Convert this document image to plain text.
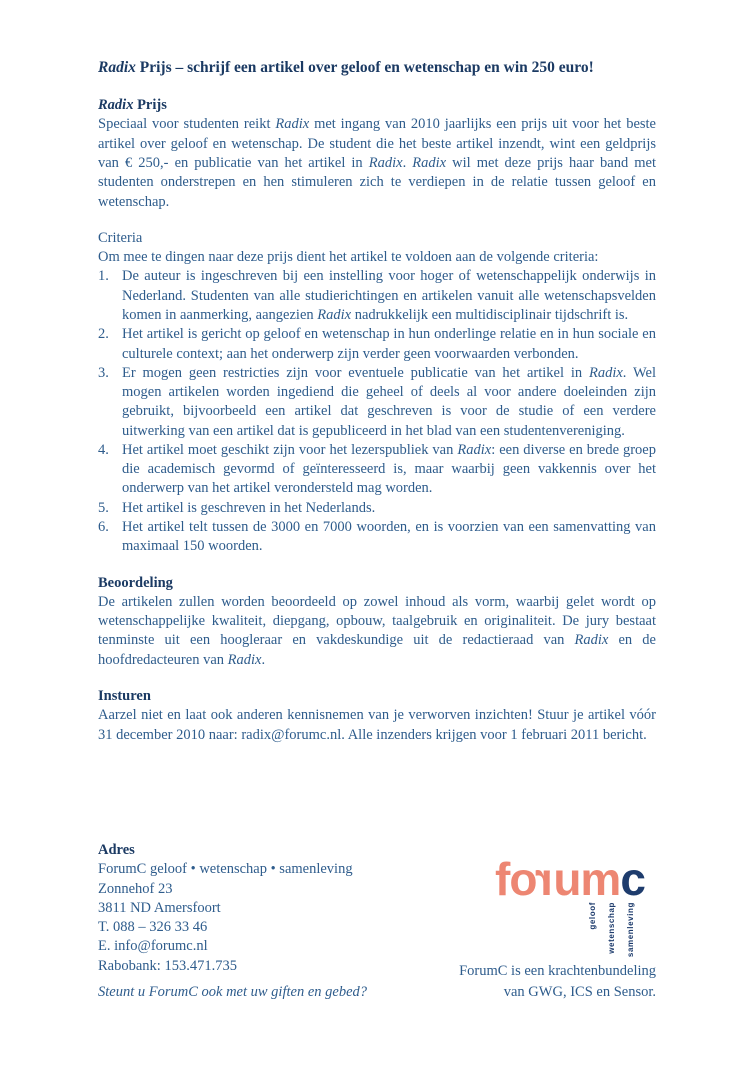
Radix Prijs – schrijf een artikel over geloof en wetenschap en win 250 euro!
Radix Prijs

Speciaal voor studenten reikt Radix met ingang van 2010 jaarlijks een prijs uit voor het beste artikel over geloof en wetenschap. De student die het beste artikel inzendt, wint een geldprijs van € 250,- en publicatie van het artikel in Radix. Radix wil met deze prijs haar band met studenten onderstrepen en hen stimuleren zich te verdiepen in de relatie tussen geloof en wetenschap.

Criteria

Om mee te dingen naar deze prijs dient het artikel te voldoen aan de volgende criteria:

1. De auteur is ingeschreven bij een instelling voor hoger of wetenschappelijk onderwijs in Nederland. Studenten van alle studierichtingen en artikelen vanuit alle wetenschapsvelden komen in aanmerking, aangezien Radix nadrukkelijk een multidisciplinair tijdschrift is.
2. Het artikel is gericht op geloof en wetenschap in hun onderlinge relatie en in hun sociale en culturele context; aan het onderwerp zijn verder geen voorwaarden verbonden.
3. Er mogen geen restricties zijn voor eventuele publicatie van het artikel in Radix. Wel mogen artikelen worden ingediend die geheel of deels al voor andere doeleinden zijn gebruikt, bijvoorbeeld een artikel dat geschreven is voor de studie of een verdere uitwerking van een artikel dat is gepubliceerd in het blad van een studentenvereniging.
4. Het artikel moet geschikt zijn voor het lezerspubliek van Radix: een diverse en brede groep die academisch gevormd of geïnteresseerd is, maar waarbij geen vakkennis over het onderwerp van het artikel verondersteld mag worden.
5. Het artikel is geschreven in het Nederlands.
6. Het artikel telt tussen de 3000 en 7000 woorden, en is voorzien van een samenvatting van maximaal 150 woorden.
Beoordeling

De artikelen zullen worden beoordeeld op zowel inhoud als vorm, waarbij gelet wordt op wetenschappelijke kwaliteit, diepgang, opbouw, taalgebruik en originaliteit. De jury bestaat tenminste uit een hoogleraar en vakdeskundige uit de redactieraad van Radix en de hoofdredacteuren van Radix.

Insturen

Aarzel niet en laat ook anderen kennisnemen van je verworven inzichten! Stuur je artikel vóór 31 december 2010 naar: radix@forumc.nl. Alle inzenders krijgen voor 1 februari 2011 bericht.

Adres
ForumC geloof • wetenschap • samenleving
Zonnehof 23
3811 ND Amersfoort
T. 088 – 326 33 46
E. info@forumc.nl
Rabobank: 153.471.735
forumc
geloof wetenschap samenleving
ForumC is een krachtenbundeling
van GWG, ICS en Sensor.
Steunt u ForumC ook met uw giften en gebed?
